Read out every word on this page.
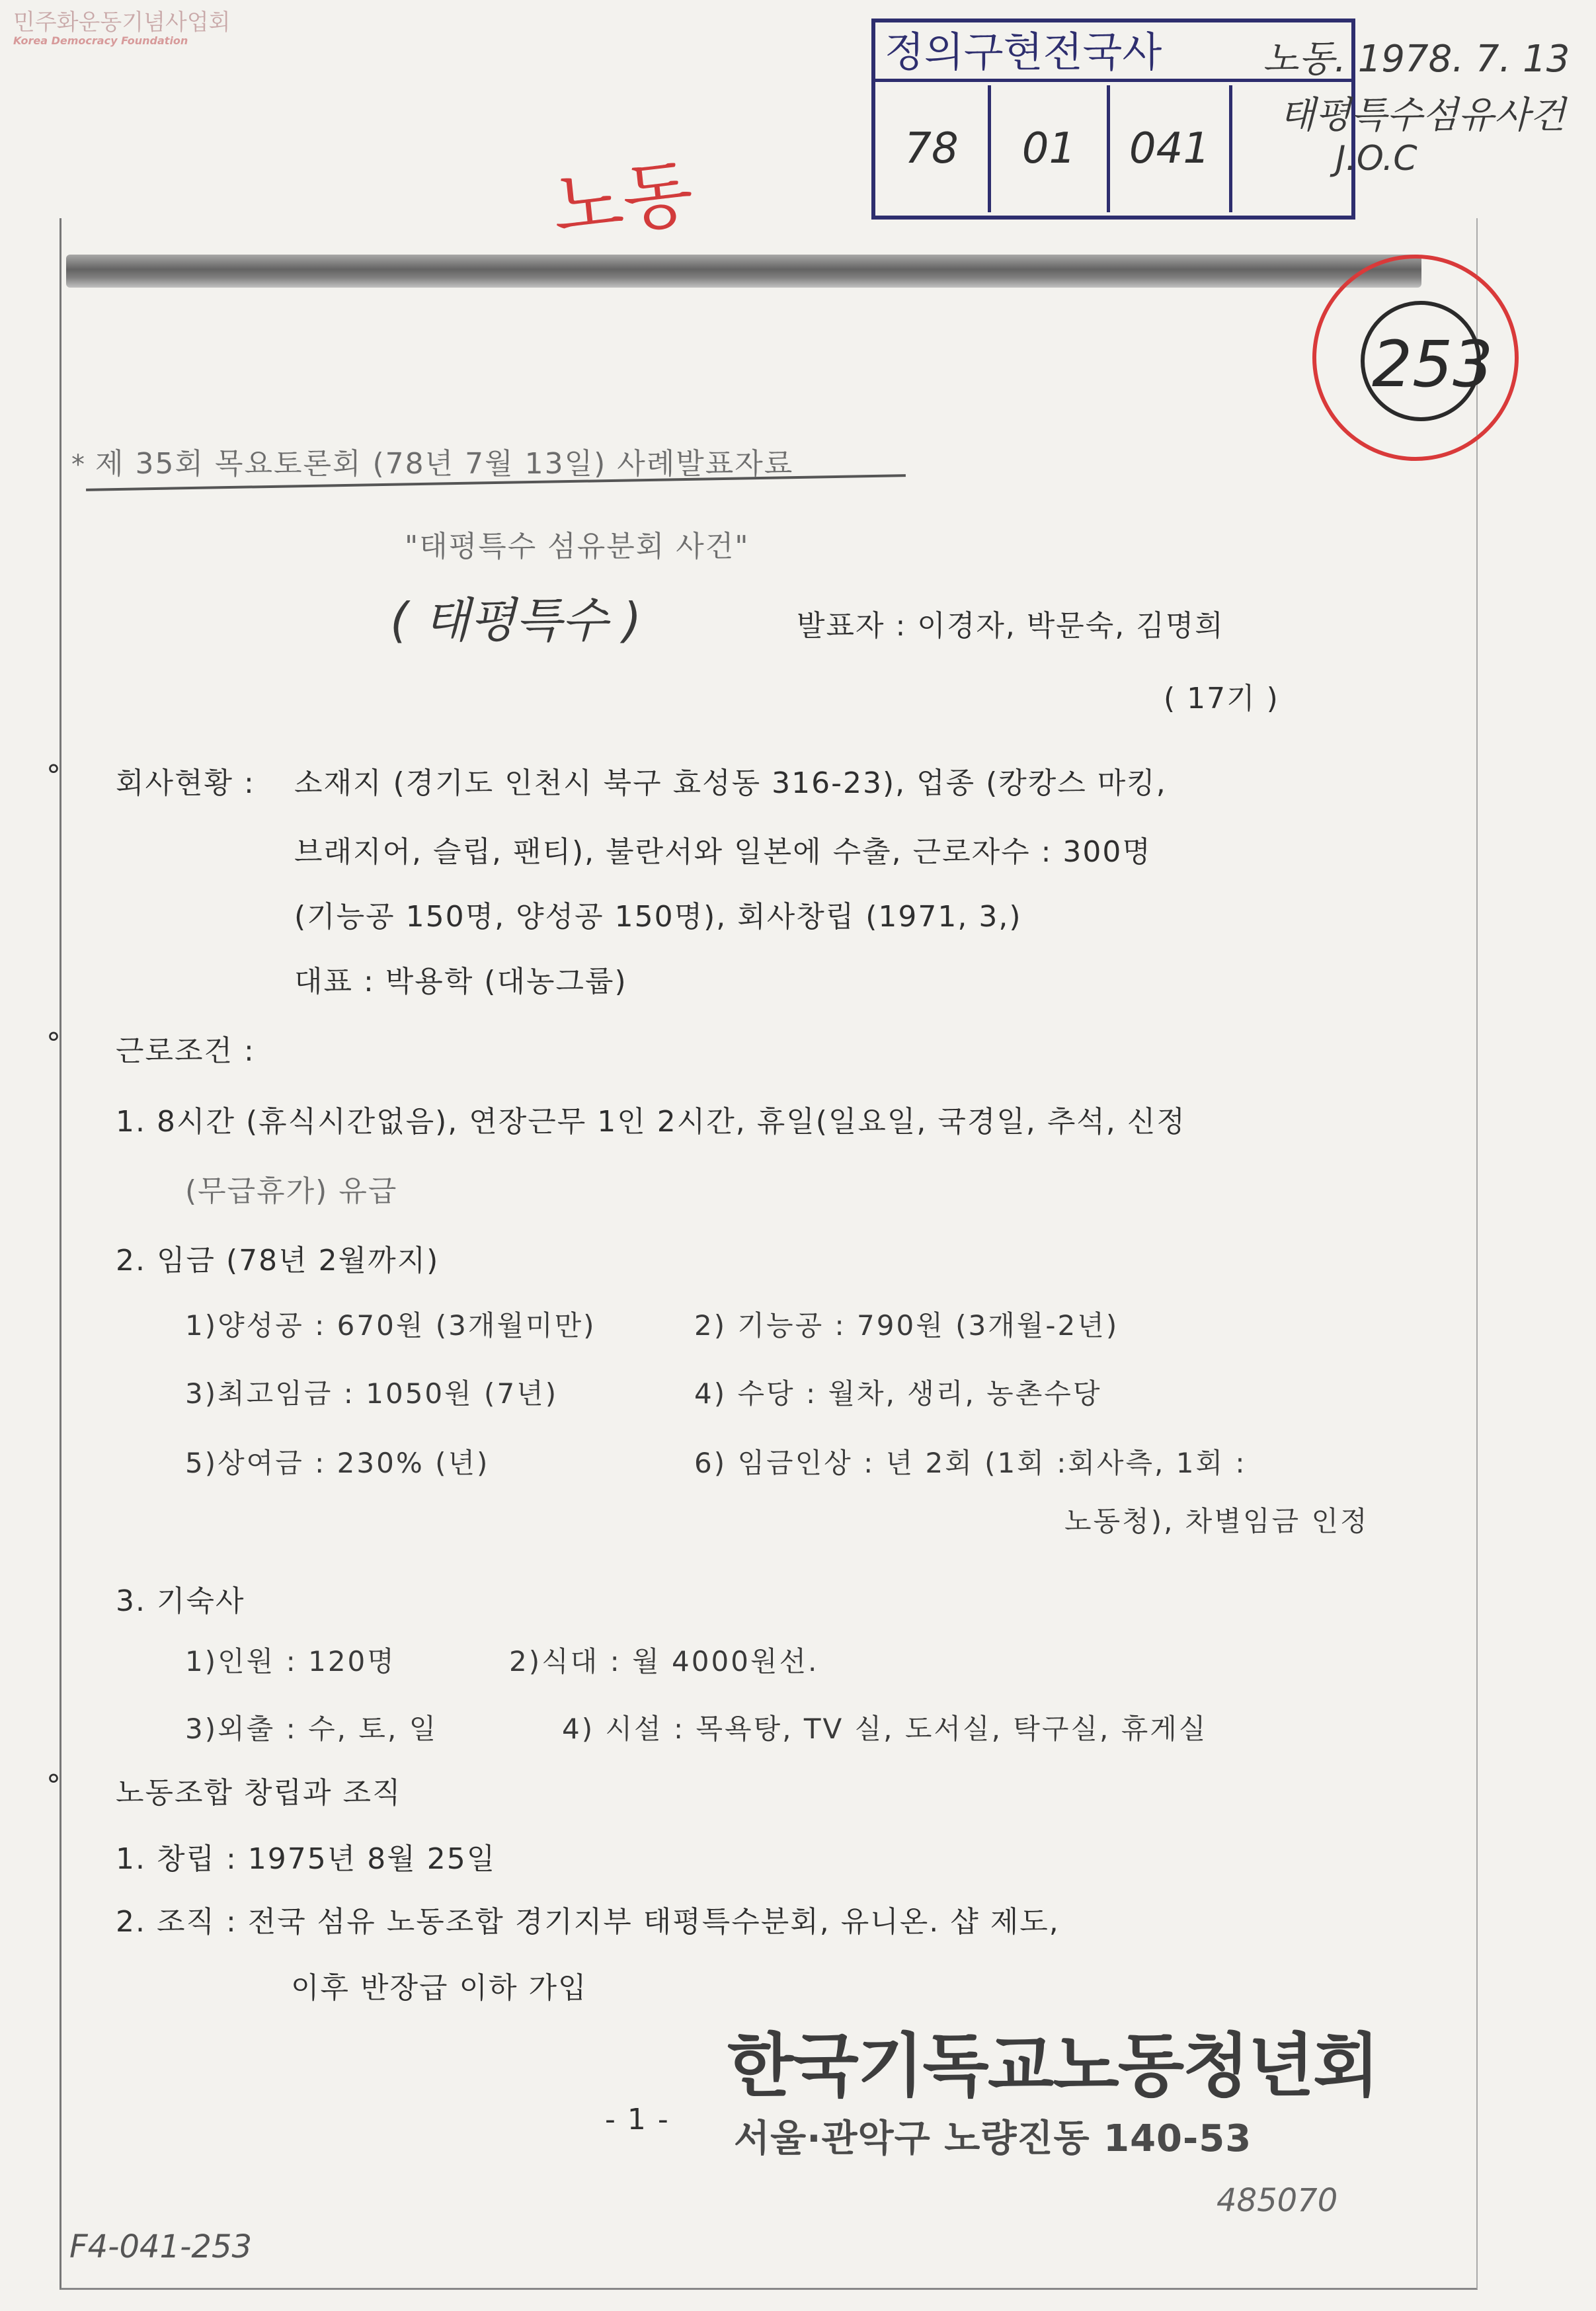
민주화운동기념사업회
Korea Democracy Foundation	정의구현전국사
78	01	041
노동. 1978. 7. 13
태평특수섬유사건
J.O.C
노동
253
* 제 35회 목요토론회 (78년 7월 13일) 사례발표자료
"태평특수 섬유분회 사건"
( 태평특수 )	발표자 : 이경자, 박문숙, 김명희
( 17기 )
° 회사현황 : 소재지 (경기도 인천시 북구 효성동 316-23), 업종 (캉캉스 마킹,
브래지어, 슬립, 팬티), 불란서와 일본에 수출, 근로자수 : 300명
(기능공 150명, 양성공 150명), 회사창립 (1971, 3,)
대표 : 박용학 (대농그룹)
° 근로조건 :
1. 8시간 (휴식시간없음), 연장근무 1인 2시간, 휴일(일요일, 국경일, 추석, 신정
(무급휴가) 유급
2. 임금 (78년 2월까지)
1)양성공 : 670원 (3개월미만)	2) 기능공 : 790원 (3개월-2년)
3)최고임금 : 1050원 (7년)	4) 수당 : 월차, 생리, 농촌수당
5)상여금 : 230% (년)	6) 임금인상 : 년 2회 (1회 :회사측, 1회 :
노동청), 차별임금 인정
3. 기숙사
1)인원 : 120명	2)식대 : 월 4000원선.
3)외출 : 수, 토, 일	4) 시설 : 목욕탕, TV 실, 도서실, 탁구실, 휴게실
° 노동조합 창립과 조직
1. 창립 : 1975년 8월 25일
2. 조직 : 전국 섬유 노동조합 경기지부 태평특수분회, 유니온. 샵 제도,
이후 반장급 이하 가입
- 1 -
한국기독교노동청년회
서울·관악구 노량진동 140-53
F4-041-253
485070
